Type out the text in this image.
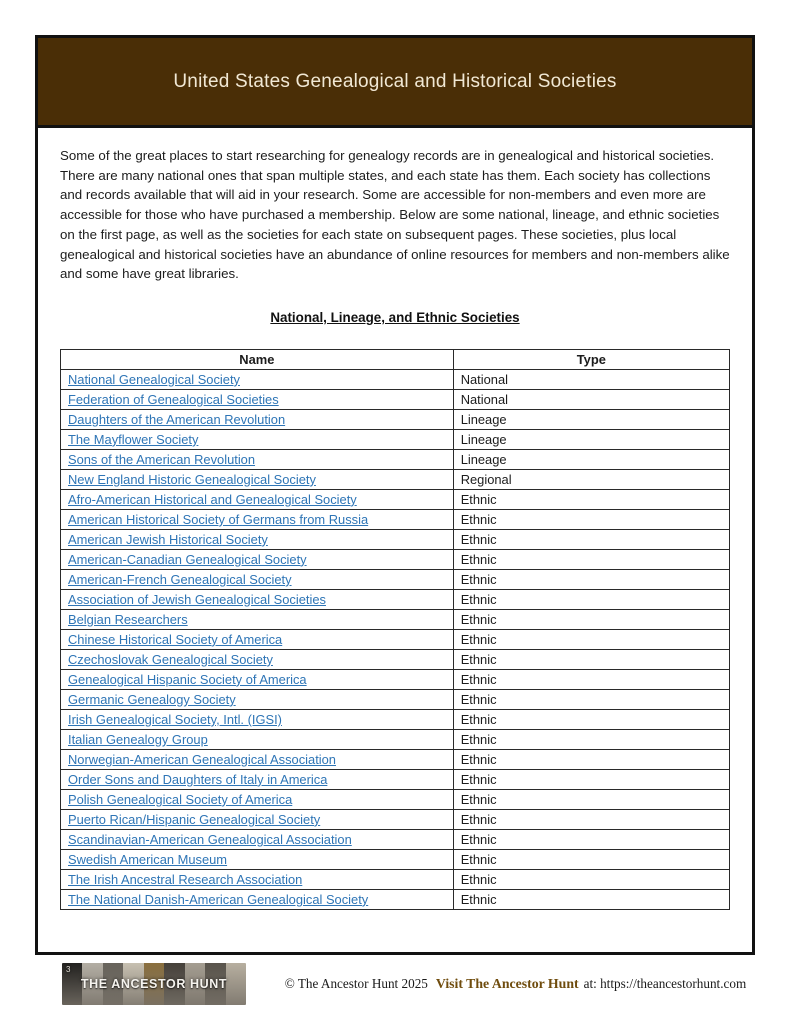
United States Genealogical and Historical Societies

Some of the great places to start researching for genealogy records are in genealogical and historical societies. There are many national ones that span multiple states, and each state has them. Each society has collections and records available that will aid in your research. Some are accessible for non-members and even more are accessible for those who have purchased a membership. Below are some national, lineage, and ethnic societies on the first page, as well as the societies for each state on subsequent pages. These societies, plus local genealogical and historical societies have an abundance of online resources for members and non-members alike and some have great libraries.

National, Lineage, and Ethnic Societies
Name	Type
National Genealogical Society	National
Federation of Genealogical Societies	National
Daughters of the American Revolution	Lineage
The Mayflower Society	Lineage
Sons of the American Revolution	Lineage
New England Historic Genealogical Society	Regional
Afro-American Historical and Genealogical Society	Ethnic
American Historical Society of Germans from Russia	Ethnic
American Jewish Historical Society	Ethnic
American-Canadian Genealogical Society	Ethnic
American-French Genealogical Society	Ethnic
Association of Jewish Genealogical Societies	Ethnic
Belgian Researchers	Ethnic
Chinese Historical Society of America	Ethnic
Czechoslovak Genealogical Society	Ethnic
Genealogical Hispanic Society of America	Ethnic
Germanic Genealogy Society	Ethnic
Irish Genealogical Society, Intl. (IGSI)	Ethnic
Italian Genealogy Group	Ethnic
Norwegian-American Genealogical Association	Ethnic
Order Sons and Daughters of Italy in America	Ethnic
Polish Genealogical Society of America	Ethnic
Puerto Rican/Hispanic Genealogical Society	Ethnic
Scandinavian-American Genealogical Association	Ethnic
Swedish American Museum	Ethnic
The Irish Ancestral Research Association	Ethnic
The National Danish-American Genealogical Society	Ethnic
3
THE ANCESTOR HUNT	© The Ancestor Hunt 2025 Visit The Ancestor Hunt at: https://theancestorhunt.com
